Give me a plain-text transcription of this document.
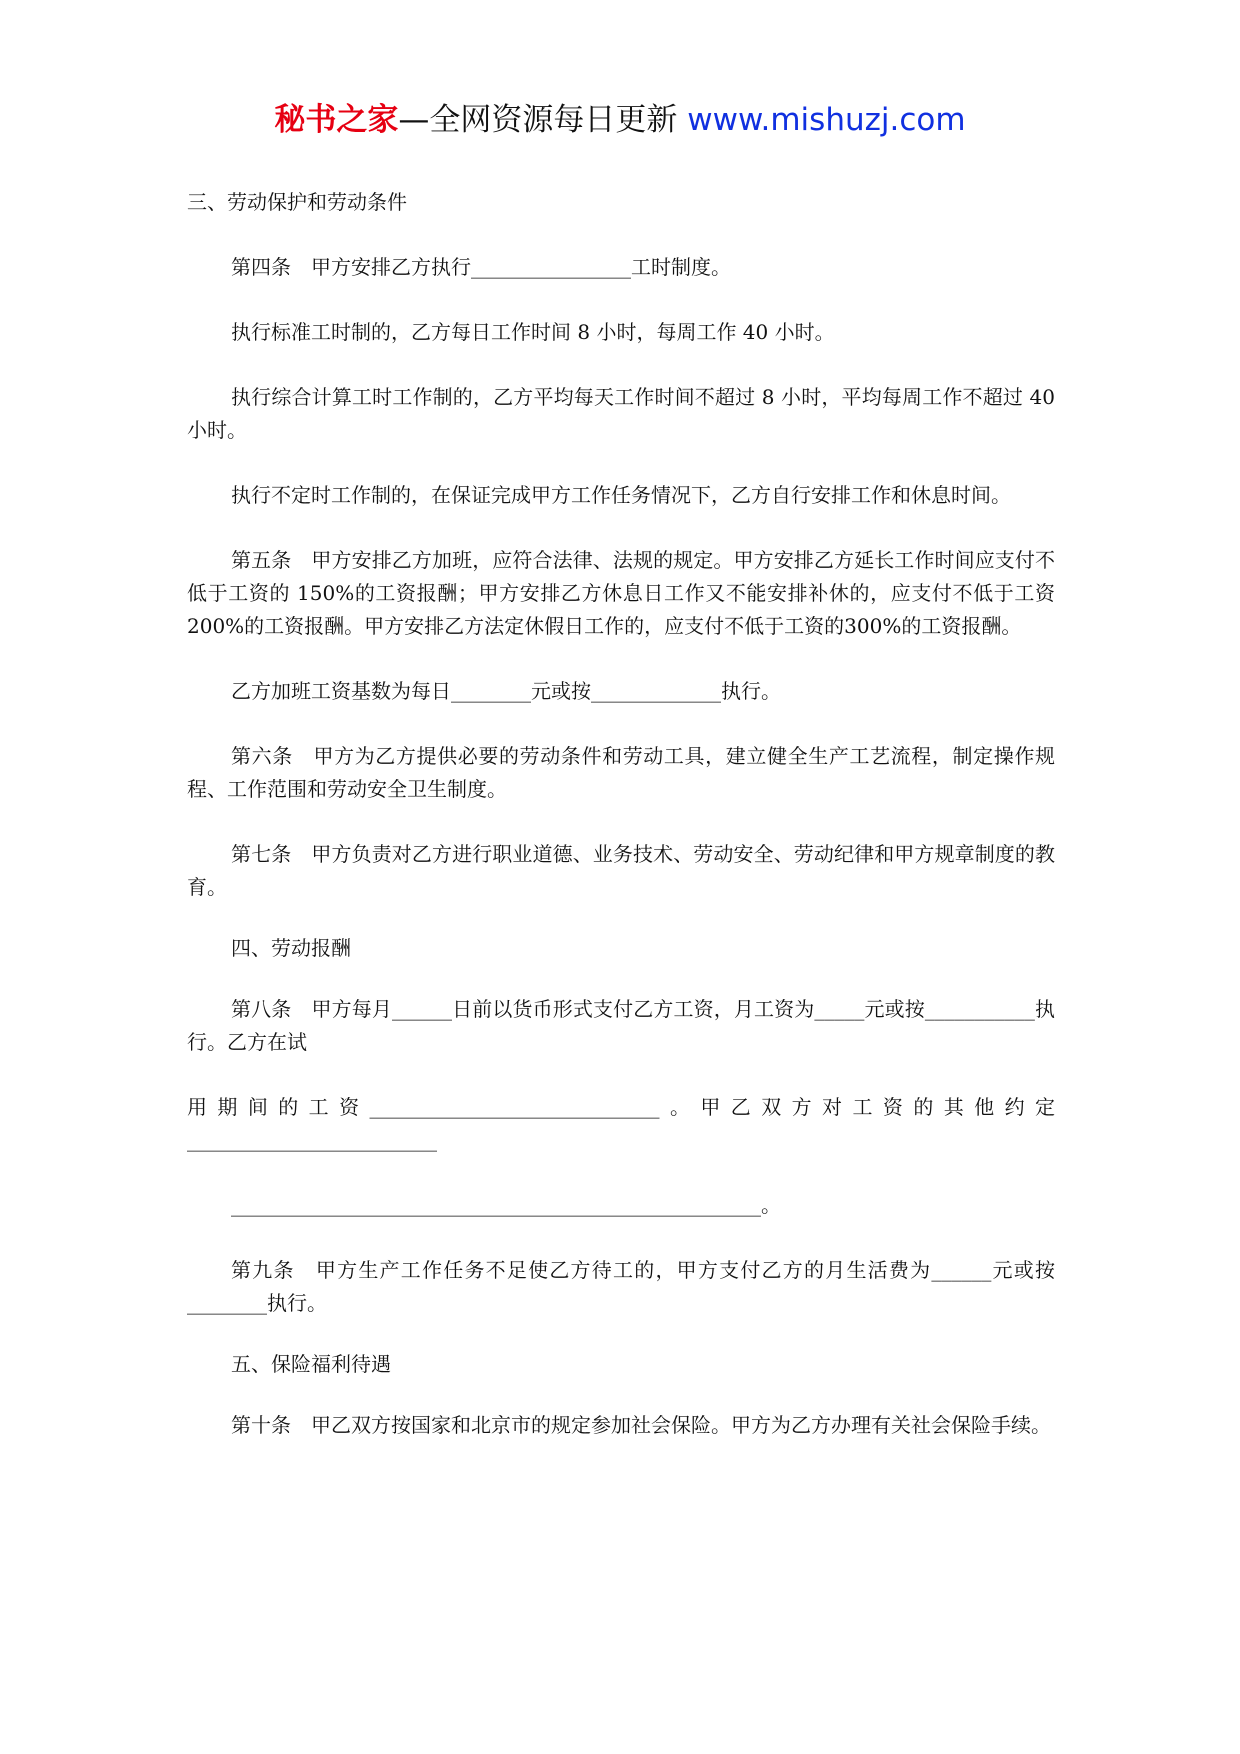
秘书之家—全网资源每日更新 www.mishuzj.com

三、劳动保护和劳动条件

第四条　甲方安排乙方执行________________工时制度。

执行标准工时制的，乙方每日工作时间 8 小时，每周工作 40 小时。

执行综合计算工时工作制的，乙方平均每天工作时间不超过 8 小时，平均每周工作不超过 40 小时。

执行不定时工作制的，在保证完成甲方工作任务情况下，乙方自行安排工作和休息时间。

第五条　甲方安排乙方加班，应符合法律、法规的规定。甲方安排乙方延长工作时间应支付不低于工资的 150%的工资报酬；甲方安排乙方休息日工作又不能安排补休的，应支付不低于工资 200%的工资报酬。甲方安排乙方法定休假日工作的，应支付不低于工资的300%的工资报酬。

乙方加班工资基数为每日________元或按_____________执行。

第六条　甲方为乙方提供必要的劳动条件和劳动工具，建立健全生产工艺流程，制定操作规程、工作范围和劳动安全卫生制度。

第七条　甲方负责对乙方进行职业道德、业务技术、劳动安全、劳动纪律和甲方规章制度的教育。

四、劳动报酬

第八条　甲方每月______日前以货币形式支付乙方工资，月工资为_____元或按___________执行。乙方在试

用期间的工资_____________________________。甲乙双方对工资的其他约定_________________________

_____________________________________________________。

第九条　甲方生产工作任务不足使乙方待工的，甲方支付乙方的月生活费为______元或按________执行。

五、保险福利待遇

第十条　甲乙双方按国家和北京市的规定参加社会保险。甲方为乙方办理有关社会保险手续。
